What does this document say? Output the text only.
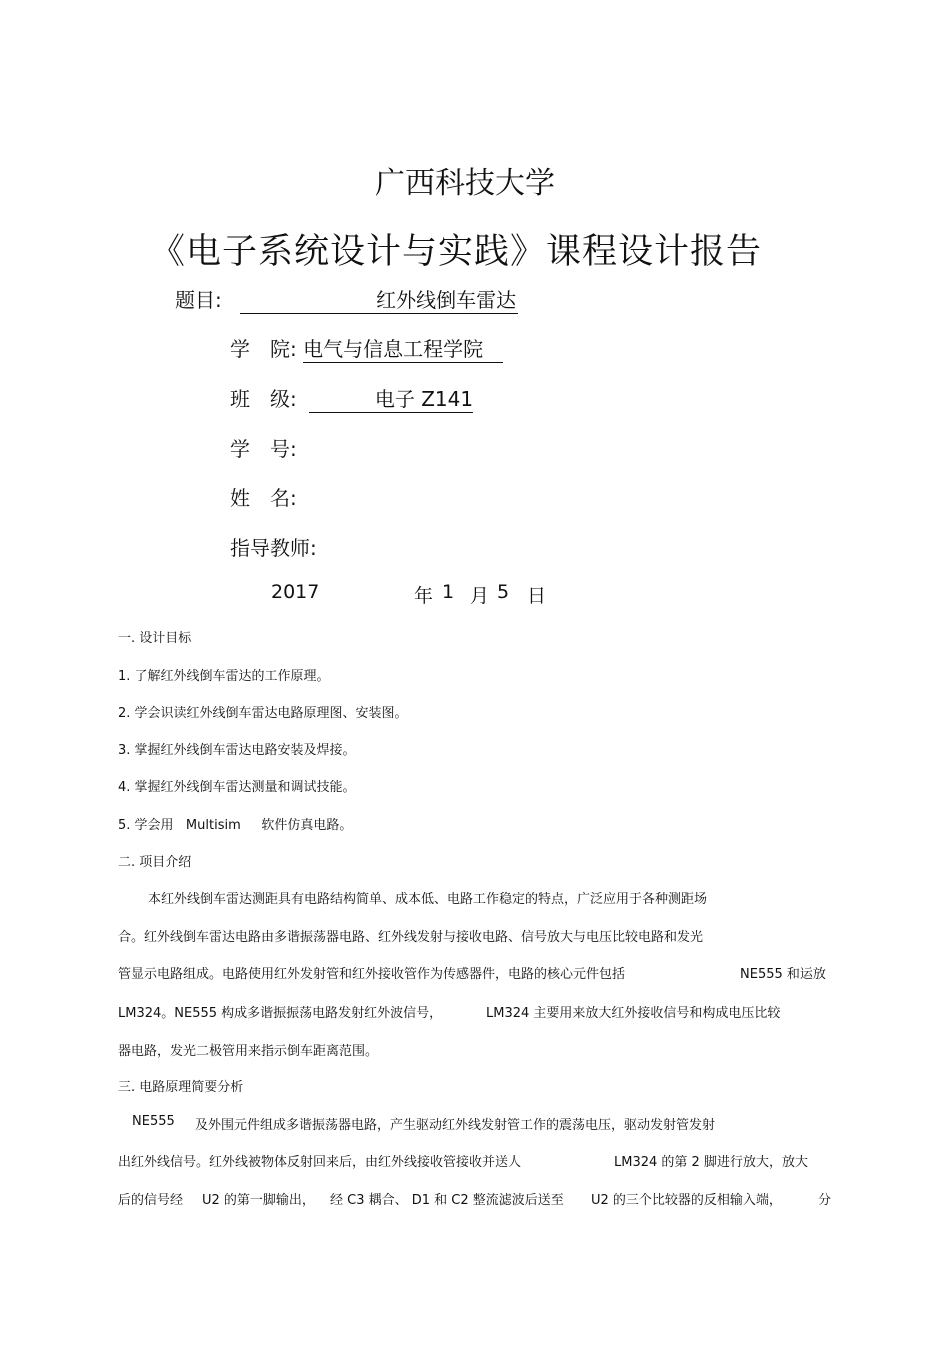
广西科技大学
《电子系统设计与实践》课程设计报告
题目:	红外线倒车雷达
学　院: 电气与信息工程学院
班　级:	电子 Z141
学　号:
姓　名:
指导教师:
2017	年 1 月 5 日
一. 设计目标
1. 了解红外线倒车雷达的工作原理。
2. 学会识读红外线倒车雷达电路原理图、安装图。
3. 掌握红外线倒车雷达电路安装及焊接。
4. 掌握红外线倒车雷达测量和调试技能。
5. 学会用   Multisim     软件仿真电路。
二. 项目介绍
本红外线倒车雷达测距具有电路结构简单、成本低、电路工作稳定的特点，广泛应用于各种测距场
合。红外线倒车雷达电路由多谐振荡器电路、红外线发射与接收电路、信号放大与电压比较电路和发光
管显示电路组成。电路使用红外发射管和红外接收管作为传感器件，电路的核心元件包括	NE555 和运放
LM324。NE555 构成多谐振振荡电路发射红外波信号，	LM324 主要用来放大红外接收信号和构成电压比较
器电路，发光二极管用来指示倒车距离范围。
三. 电路原理简要分析
NE555 及外围元件组成多谐振荡器电路，产生驱动红外线发射管工作的震荡电压，驱动发射管发射
出红外线信号。红外线被物体反射回来后，由红外线接收管接收并送人	LM324 的第 2 脚进行放大，放大
后的信号经 U2 的第一脚输出， 经 C3 耦合、 D1 和 C2 整流滤波后送至 U2 的三个比较器的反相输入端，	分
